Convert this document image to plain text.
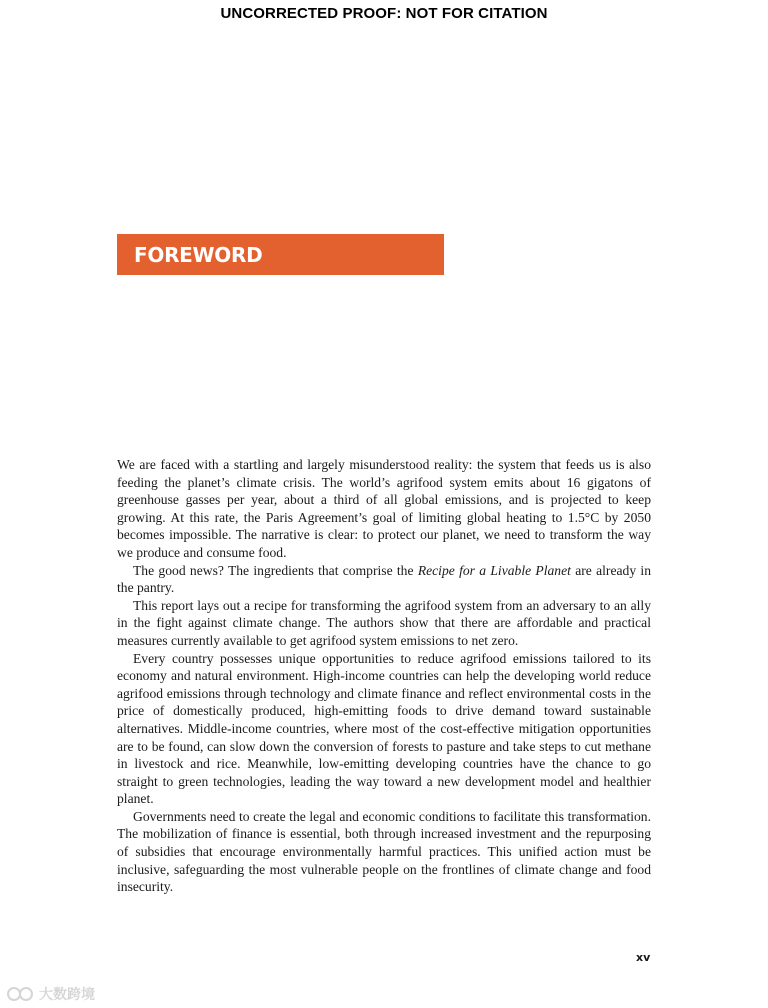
UNCORRECTED PROOF: NOT FOR CITATION
FOREWORD

We are faced with a startling and largely misunderstood reality: the system that feeds us is also feeding the planet’s climate crisis. The world’s agrifood system emits about 16 gigatons of greenhouse gasses per year, about a third of all global emissions, and is projected to keep growing. At this rate, the Paris Agreement’s goal of limiting global heating to 1.5°C by 2050 becomes impossible. The narrative is clear: to protect our planet, we need to transform the way we produce and consume food.

The good news? The ingredients that comprise the Recipe for a Livable Planet are already in the pantry.

This report lays out a recipe for transforming the agrifood system from an adversary to an ally in the fight against climate change. The authors show that there are affordable and practical measures currently available to get agrifood system emissions to net zero.

Every country possesses unique opportunities to reduce agrifood emissions tailored to its economy and natural environment. High-income countries can help the developing world reduce agrifood emissions through technology and climate finance and reflect environmental costs in the price of domestically produced, high-emitting foods to drive demand toward sustainable alternatives. Middle-income countries, where most of the cost-effective mitigation opportunities are to be found, can slow down the conversion of forests to pasture and take steps to cut methane in livestock and rice. Meanwhile, low-emitting developing countries have the chance to go straight to green technologies, leading the way toward a new development model and healthier planet.

Governments need to create the legal and economic conditions to facilitate this transformation. The mobilization of finance is essential, both through increased investment and the repurposing of subsidies that encourage environmentally harmful practices. This unified action must be inclusive, safeguarding the most vulnerable people on the frontlines of climate change and food insecurity.

xv
大数跨境
